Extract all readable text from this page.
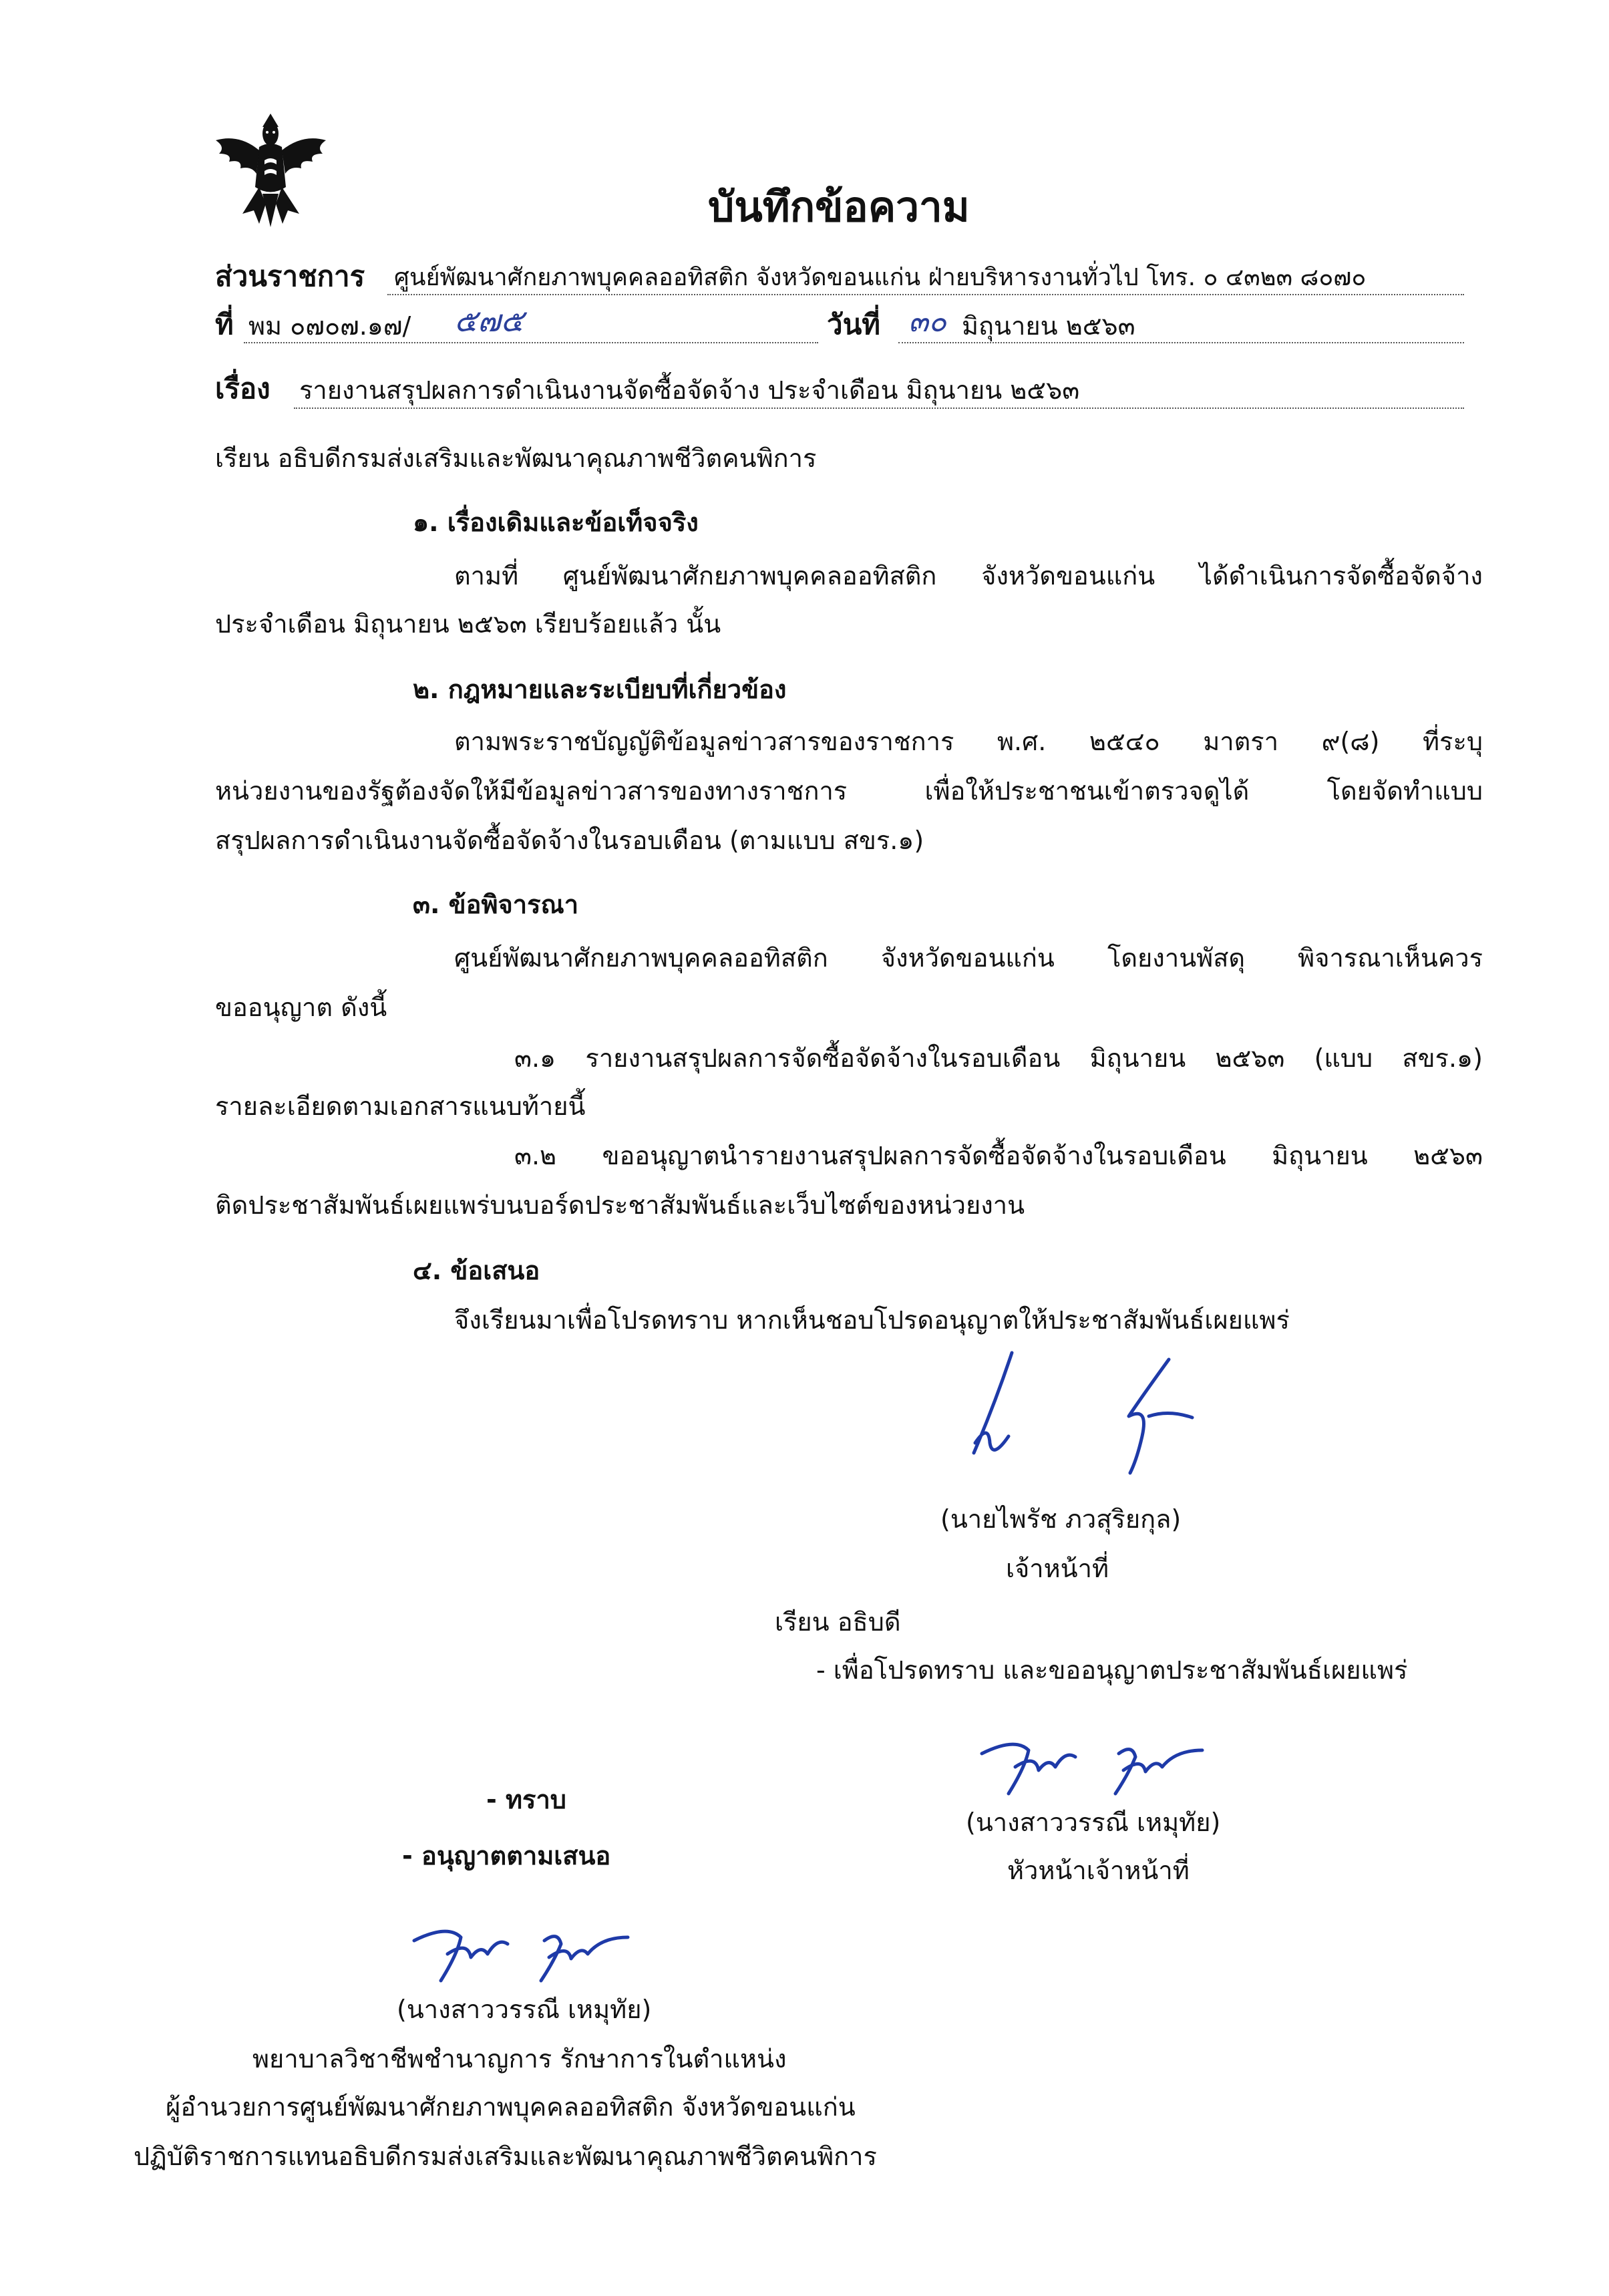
บันทึกข้อความ
ส่วนราชการ ศูนย์พัฒนาศักยภาพบุคคลออทิสติก จังหวัดขอนแก่น ฝ่ายบริหารงานทั่วไป โทร. ๐ ๔๓๒๓ ๘๐๗๐
ที่ พม ๐๗๐๗.๑๗/ ๕๗๕	วันที่ ๓๐ มิถุนายน ๒๕๖๓
เรื่อง รายงานสรุปผลการดำเนินงานจัดซื้อจัดจ้าง ประจำเดือน มิถุนายน ๒๕๖๓
เรียน อธิบดีกรมส่งเสริมและพัฒนาคุณภาพชีวิตคนพิการ
๑. เรื่องเดิมและข้อเท็จจริง
ตามที่ ศูนย์พัฒนาศักยภาพบุคคลออทิสติก จังหวัดขอนแก่น ได้ดำเนินการจัดซื้อจัดจ้าง
ประจำเดือน มิถุนายน ๒๕๖๓ เรียบร้อยแล้ว นั้น
๒. กฎหมายและระเบียบที่เกี่ยวข้อง
ตามพระราชบัญญัติข้อมูลข่าวสารของราชการ พ.ศ. ๒๕๔๐ มาตรา ๙(๘) ที่ระบุ
หน่วยงานของรัฐต้องจัดให้มีข้อมูลข่าวสารของทางราชการ เพื่อให้ประชาชนเข้าตรวจดูได้ โดยจัดทำแบบ
สรุปผลการดำเนินงานจัดซื้อจัดจ้างในรอบเดือน (ตามแบบ สขร.๑)
๓. ข้อพิจารณา
ศูนย์พัฒนาศักยภาพบุคคลออทิสติก จังหวัดขอนแก่น โดยงานพัสดุ พิจารณาเห็นควร
ขออนุญาต ดังนี้
๓.๑ รายงานสรุปผลการจัดซื้อจัดจ้างในรอบเดือน มิถุนายน ๒๕๖๓ (แบบ สขร.๑)
รายละเอียดตามเอกสารแนบท้ายนี้
๓.๒ ขออนุญาตนำรายงานสรุปผลการจัดซื้อจัดจ้างในรอบเดือน มิถุนายน ๒๕๖๓
ติดประชาสัมพันธ์เผยแพร่บนบอร์ดประชาสัมพันธ์และเว็บไซต์ของหน่วยงาน
๔. ข้อเสนอ
จึงเรียนมาเพื่อโปรดทราบ หากเห็นชอบโปรดอนุญาตให้ประชาสัมพันธ์เผยแพร่
(นายไพรัช ภวสุริยกุล)
เจ้าหน้าที่
เรียน อธิบดี
- เพื่อโปรดทราบ และขออนุญาตประชาสัมพันธ์เผยแพร่
(นางสาววรรณี เหมุทัย)
หัวหน้าเจ้าหน้าที่
- ทราบ
- อนุญาตตามเสนอ
(นางสาววรรณี เหมุทัย)
พยาบาลวิชาชีพชำนาญการ รักษาการในตำแหน่ง
ผู้อำนวยการศูนย์พัฒนาศักยภาพบุคคลออทิสติก จังหวัดขอนแก่น
ปฏิบัติราชการแทนอธิบดีกรมส่งเสริมและพัฒนาคุณภาพชีวิตคนพิการ
